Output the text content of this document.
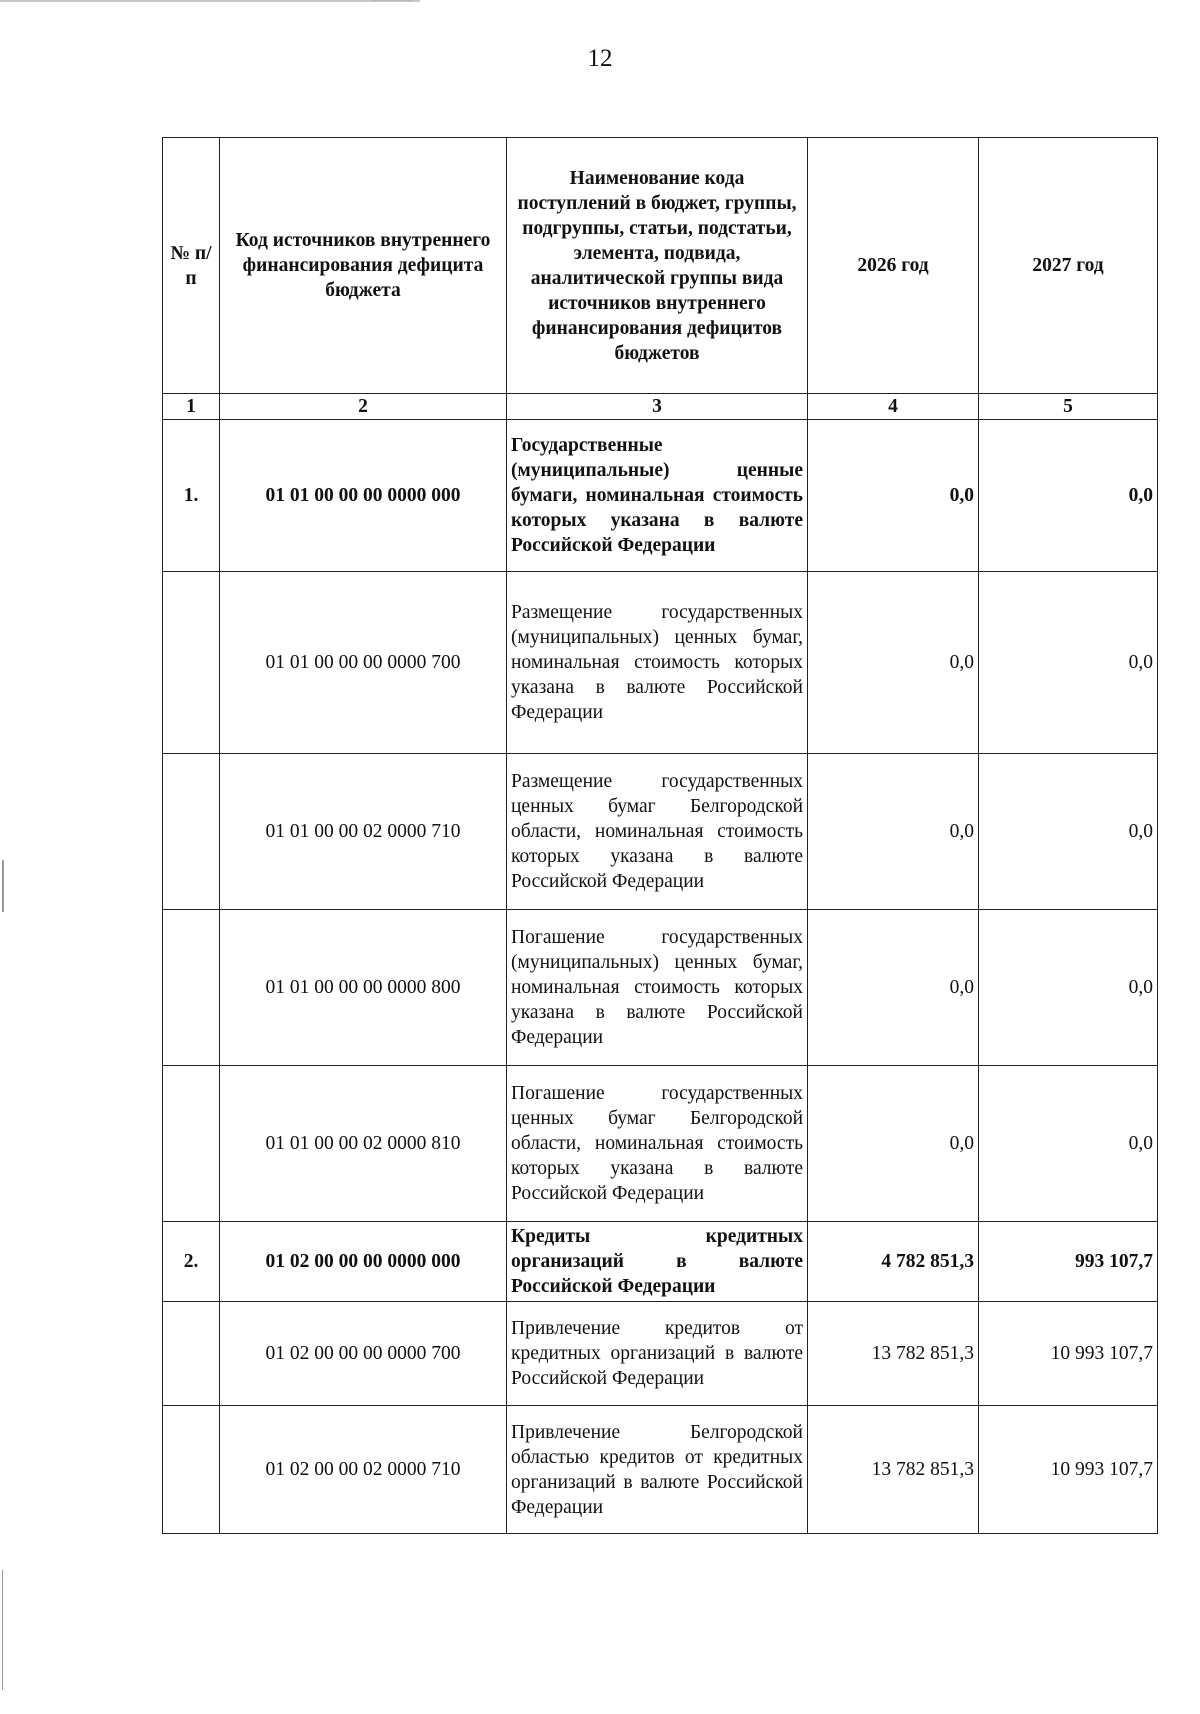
12
№ п/п	Код источников внутреннего финансирования дефицита бюджета	Наименование кода поступлений в бюджет, группы, подгруппы, статьи, подстатьи, элемента, подвида, аналитической группы вида источников внутреннего финансирования дефицитов бюджетов	2026 год	2027 год
1	2	3	4	5
1.	01 01 00 00 00 0000 000	Государственные (муниципальные) ценные бумаги, номинальная стоимость которых указана в валюте Российской Федерации	0,0	0,0
	01 01 00 00 00 0000 700	Размещение государственных (муниципальных) ценных бумаг, номинальная стоимость которых указана в валюте Российской Федерации	0,0	0,0
	01 01 00 00 02 0000 710	Размещение государственных ценных бумаг Белгородской области, номинальная стоимость которых указана в валюте Российской Федерации	0,0	0,0
	01 01 00 00 00 0000 800	Погашение государственных (муниципальных) ценных бумаг, номинальная стоимость которых указана в валюте Российской Федерации	0,0	0,0
	01 01 00 00 02 0000 810	Погашение государственных ценных бумаг Белгородской области, номинальная стоимость которых указана в валюте Российской Федерации	0,0	0,0
2.	01 02 00 00 00 0000 000	Кредиты кредитных организаций в валюте Российской Федерации	4 782 851,3	993 107,7
	01 02 00 00 00 0000 700	Привлечение кредитов от кредитных организаций в валюте Российской Федерации	13 782 851,3	10 993 107,7
	01 02 00 00 02 0000 710	Привлечение Белгородской областью кредитов от кредитных организаций в валюте Российской Федерации	13 782 851,3	10 993 107,7
